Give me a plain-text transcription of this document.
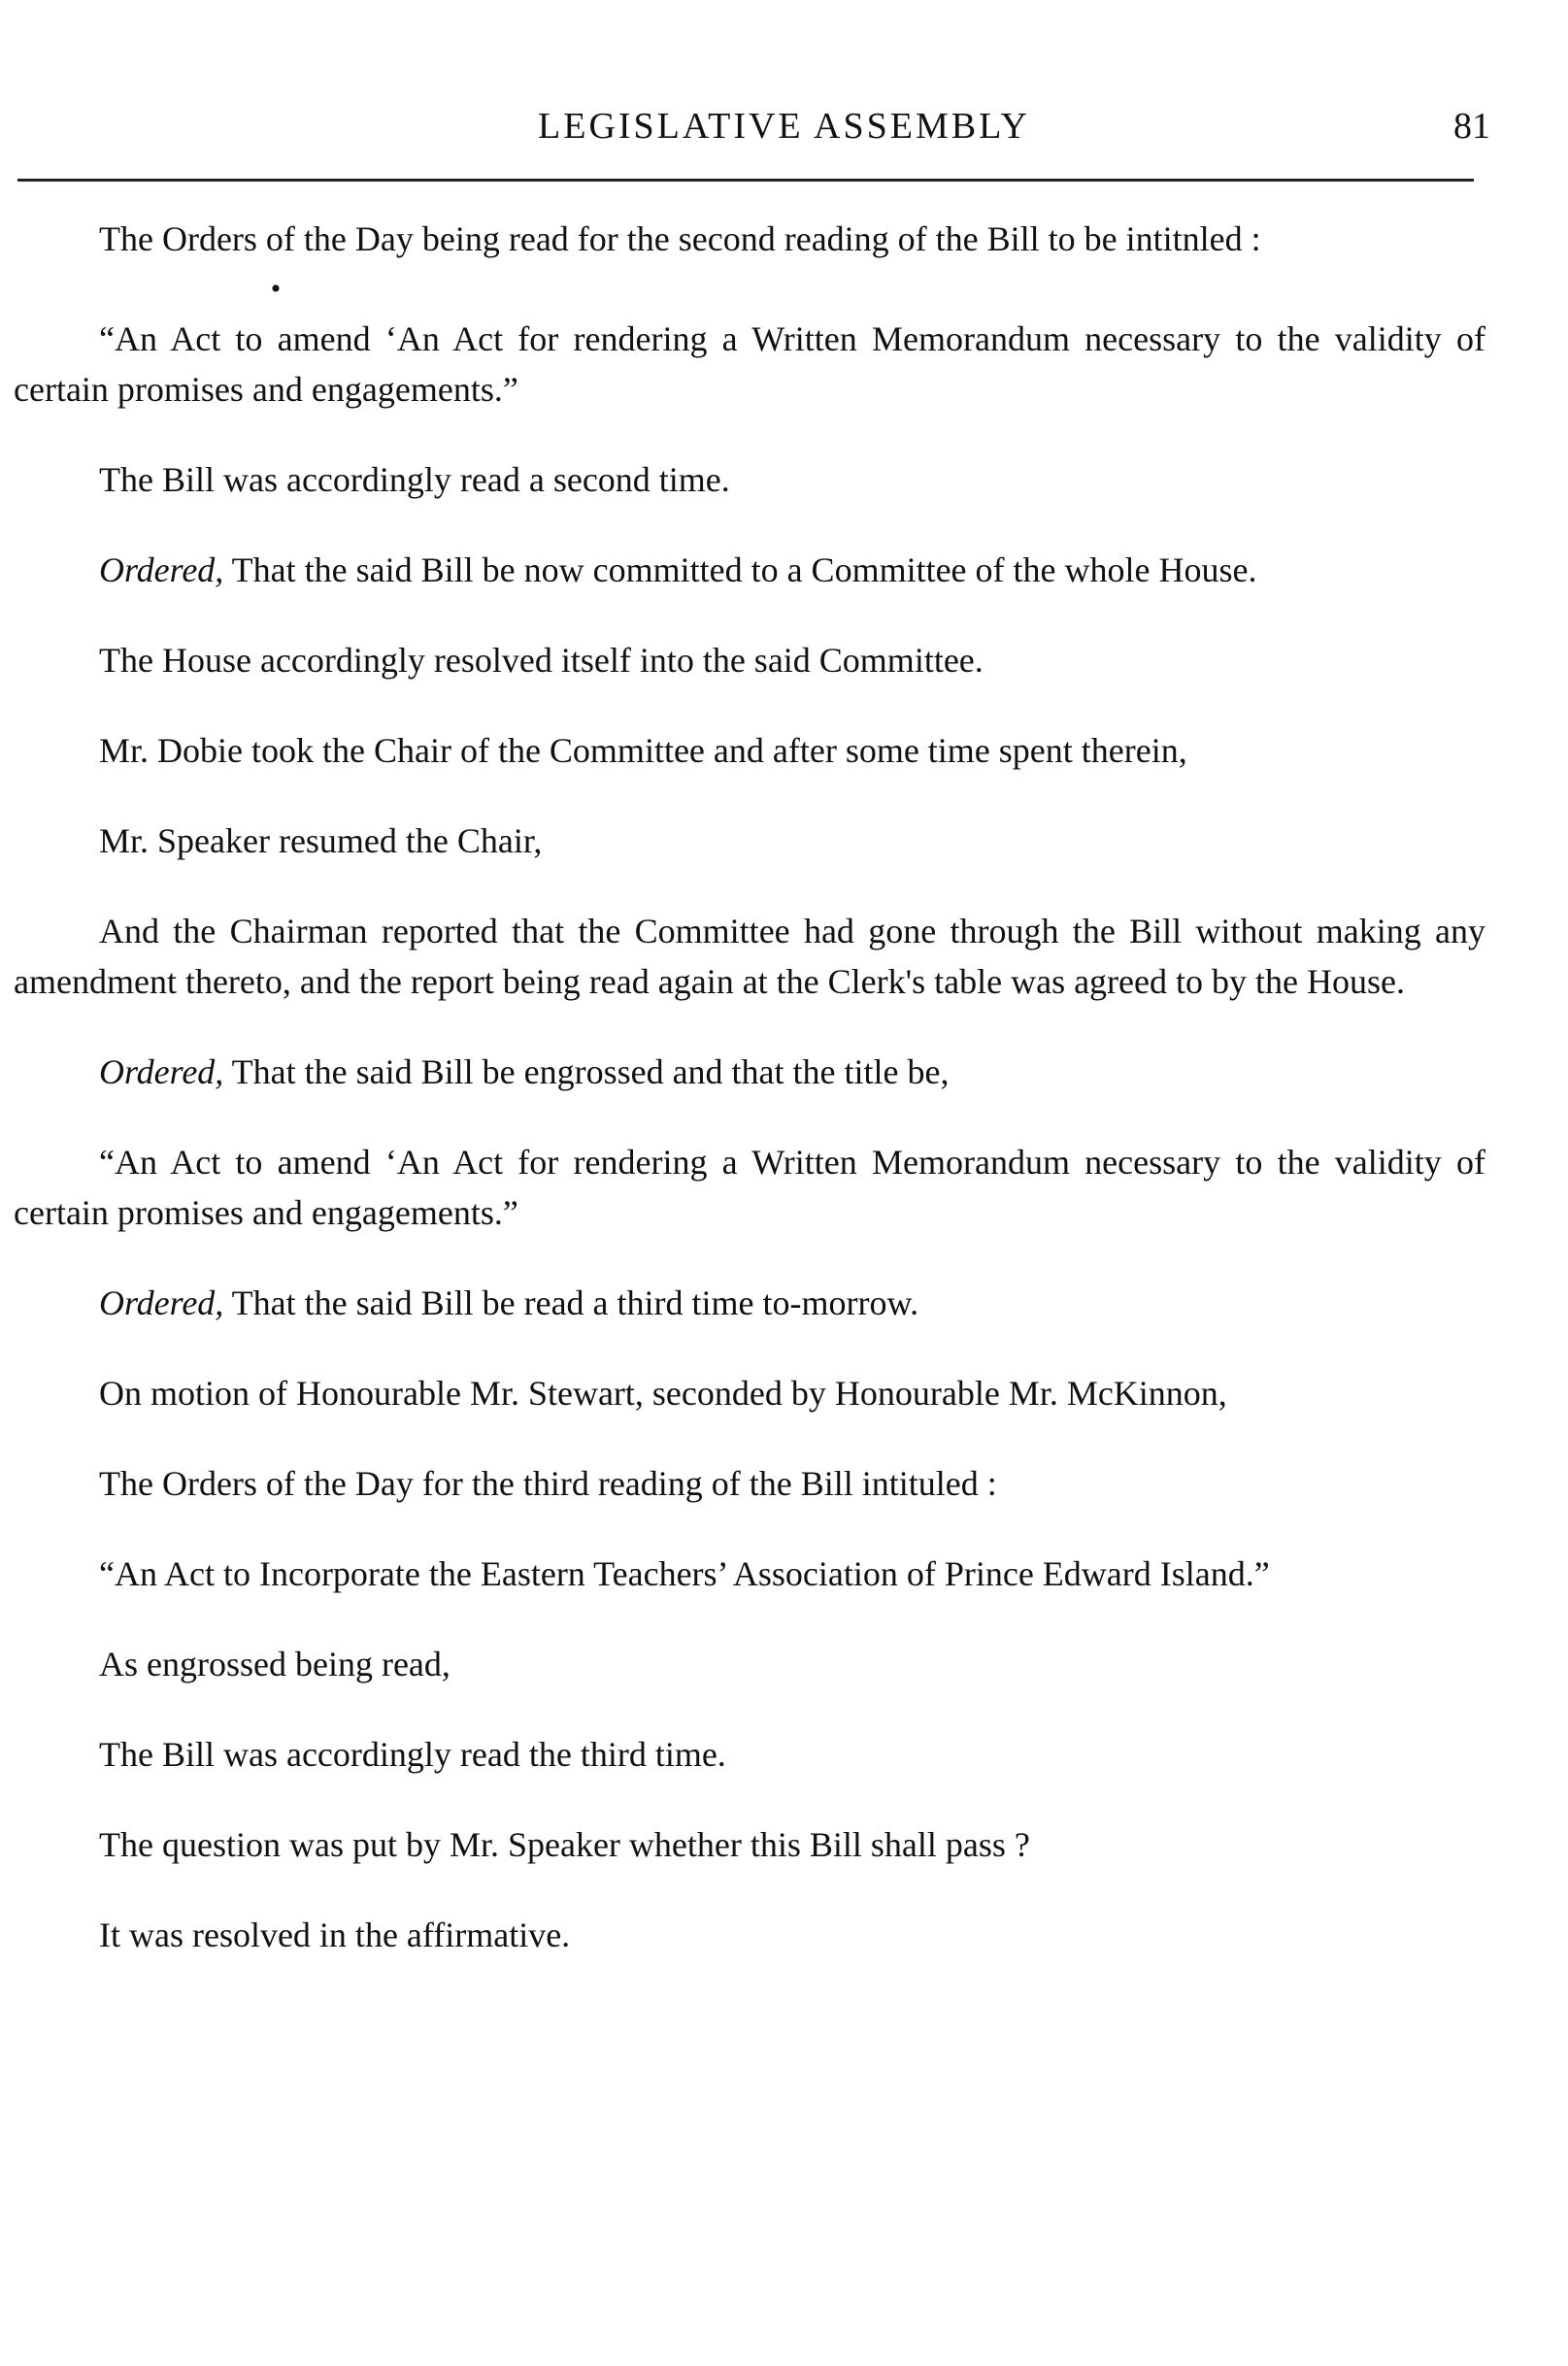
LEGISLATIVE ASSEMBLY	81

The Orders of the Day being read for the second reading of the Bill to be intitnled :

•

“An Act to amend ‘An Act for rendering a Written Memorandum necessary to the validity of certain promises and engagements.”

The Bill was accordingly read a second time.

Ordered, That the said Bill be now committed to a Committee of the whole House.

The House accordingly resolved itself into the said Committee.

Mr. Dobie took the Chair of the Committee and after some time spent therein,

Mr. Speaker resumed the Chair,

And the Chairman reported that the Committee had gone through the Bill without making any amendment thereto, and the report being read again at the Clerk's table was agreed to by the House.

Ordered, That the said Bill be engrossed and that the title be,

“An Act to amend ‘An Act for rendering a Written Memorandum necessary to the validity of certain promises and engagements.”

Ordered, That the said Bill be read a third time to-morrow.

On motion of Honourable Mr. Stewart, seconded by Honourable Mr. McKinnon,

The Orders of the Day for the third reading of the Bill intituled :

“An Act to Incorporate the Eastern Teachers’ Association of Prince Edward Island.”

As engrossed being read,

The Bill was accordingly read the third time.

The question was put by Mr. Speaker whether this Bill shall pass ?

It was resolved in the affirmative.
